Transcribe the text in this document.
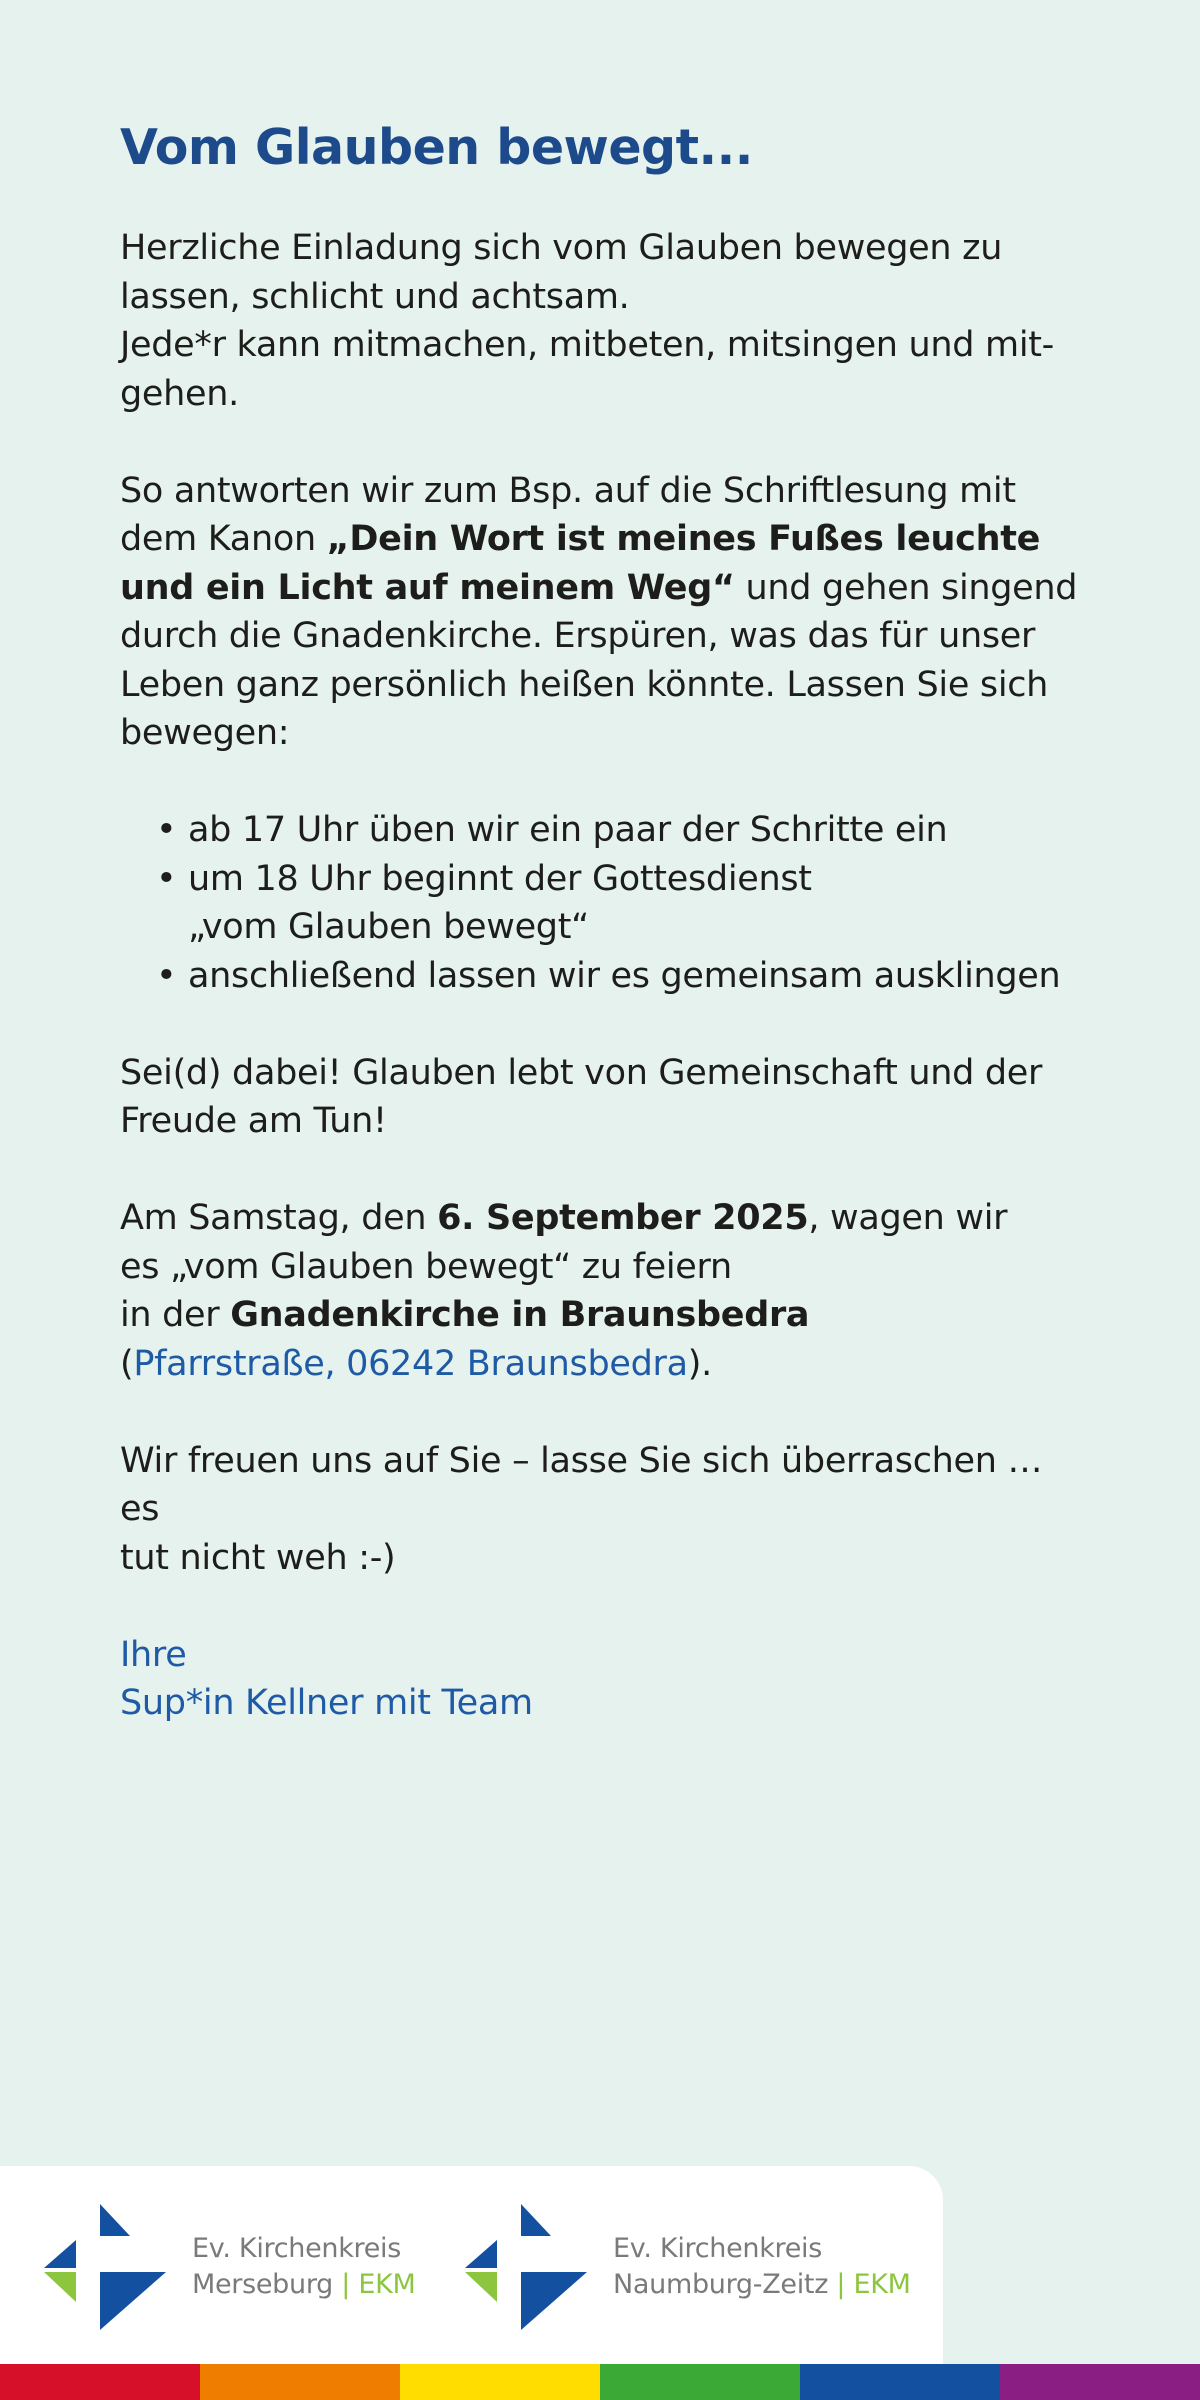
Vom Glauben bewegt...

Herzliche Einladung sich vom Glauben bewegen zu
lassen, schlicht und achtsam.
Jede*r kann mitmachen, mitbeten, mitsingen und mit-
gehen.

So antworten wir zum Bsp. auf die Schriftlesung mit
dem Kanon „Dein Wort ist meines Fußes leuchte
und ein Licht auf meinem Weg“ und gehen singend
durch die Gnadenkirche. Erspüren, was das für unser
Leben ganz persönlich heißen könnte. Lassen Sie sich
bewegen:

• ab 17 Uhr üben wir ein paar der Schritte ein
• um 18 Uhr beginnt der Gottesdienst
„vom Glauben bewegt“
• anschließend lassen wir es gemeinsam ausklingen

Sei(d) dabei! Glauben lebt von Gemeinschaft und der
Freude am Tun!

Am Samstag, den 6. September 2025, wagen wir
es „vom Glauben bewegt“ zu feiern
in der Gnadenkirche in Braunsbedra
(Pfarrstraße, 06242 Braunsbedra).

Wir freuen uns auf Sie – lasse Sie sich überraschen … es
tut nicht weh :-)

Ihre
Sup*in Kellner mit Team

Ev. Kirchenkreis
Merseburg | EKM
Ev. Kirchenkreis
Naumburg-Zeitz | EKM
